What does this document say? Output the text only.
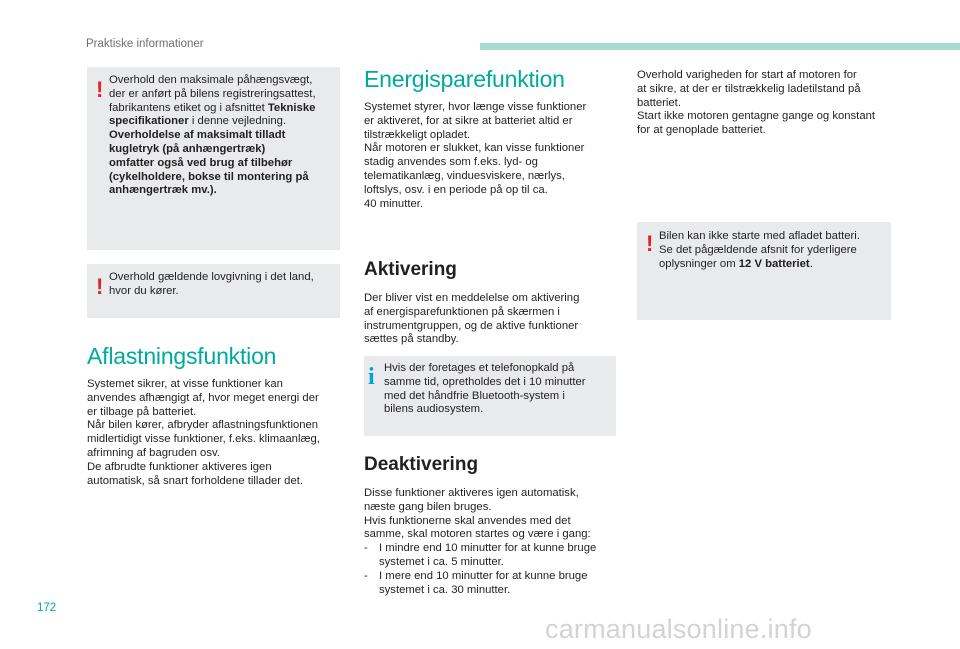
Praktiske informationer
! Overhold den maksimale påhængsvægt,

der er anført på bilens registreringsattest,

fabrikantens etiket og i afsnittet Tekniske

specifikationer i denne vejledning.

Overholdelse af maksimalt tilladt

kugletryk (på anhængertræk)

omfatter også ved brug af tilbehør

(cykelholdere, bokse til montering på

anhængertræk mv.).

! Overhold gældende lovgivning i det land,

hvor du kører.

Aflastningsfunktion

Systemet sikrer, at visse funktioner kan

anvendes afhængigt af, hvor meget energi der

er tilbage på batteriet.

Når bilen kører, afbryder aflastningsfunktionen

midlertidigt visse funktioner, f.eks. klimaanlæg,

afrimning af bagruden osv.

De afbrudte funktioner aktiveres igen

automatisk, så snart forholdene tillader det.

Energisparefunktion

Systemet styrer, hvor længe visse funktioner

er aktiveret, for at sikre at batteriet altid er

tilstrækkeligt opladet.

Når motoren er slukket, kan visse funktioner

stadig anvendes som f.eks. lyd- og

telematikanlæg, vinduesviskere, nærlys,

loftslys, osv. i en periode på op til ca.

40 minutter.

Aktivering

Der bliver vist en meddelelse om aktivering

af energisparefunktionen på skærmen i

instrumentgruppen, og de aktive funktioner

sættes på standby.

i Hvis der foretages et telefonopkald på

samme tid, opretholdes det i 10 minutter

med det håndfrie Bluetooth-system i

bilens audiosystem.

Deaktivering

Disse funktioner aktiveres igen automatisk,

næste gang bilen bruges.

Hvis funktionerne skal anvendes med det

samme, skal motoren startes og være i gang:

- I mindre end 10 minutter for at kunne bruge

systemet i ca. 5 minutter.

- I mere end 10 minutter for at kunne bruge

systemet i ca. 30 minutter.

Overhold varigheden for start af motoren for

at sikre, at der er tilstrækkelig ladetilstand på

batteriet.

Start ikke motoren gentagne gange og konstant

for at genoplade batteriet.

! Bilen kan ikke starte med afladet batteri.

Se det pågældende afsnit for yderligere

oplysninger om 12 V batteriet.

172
carmanualsonline.info
